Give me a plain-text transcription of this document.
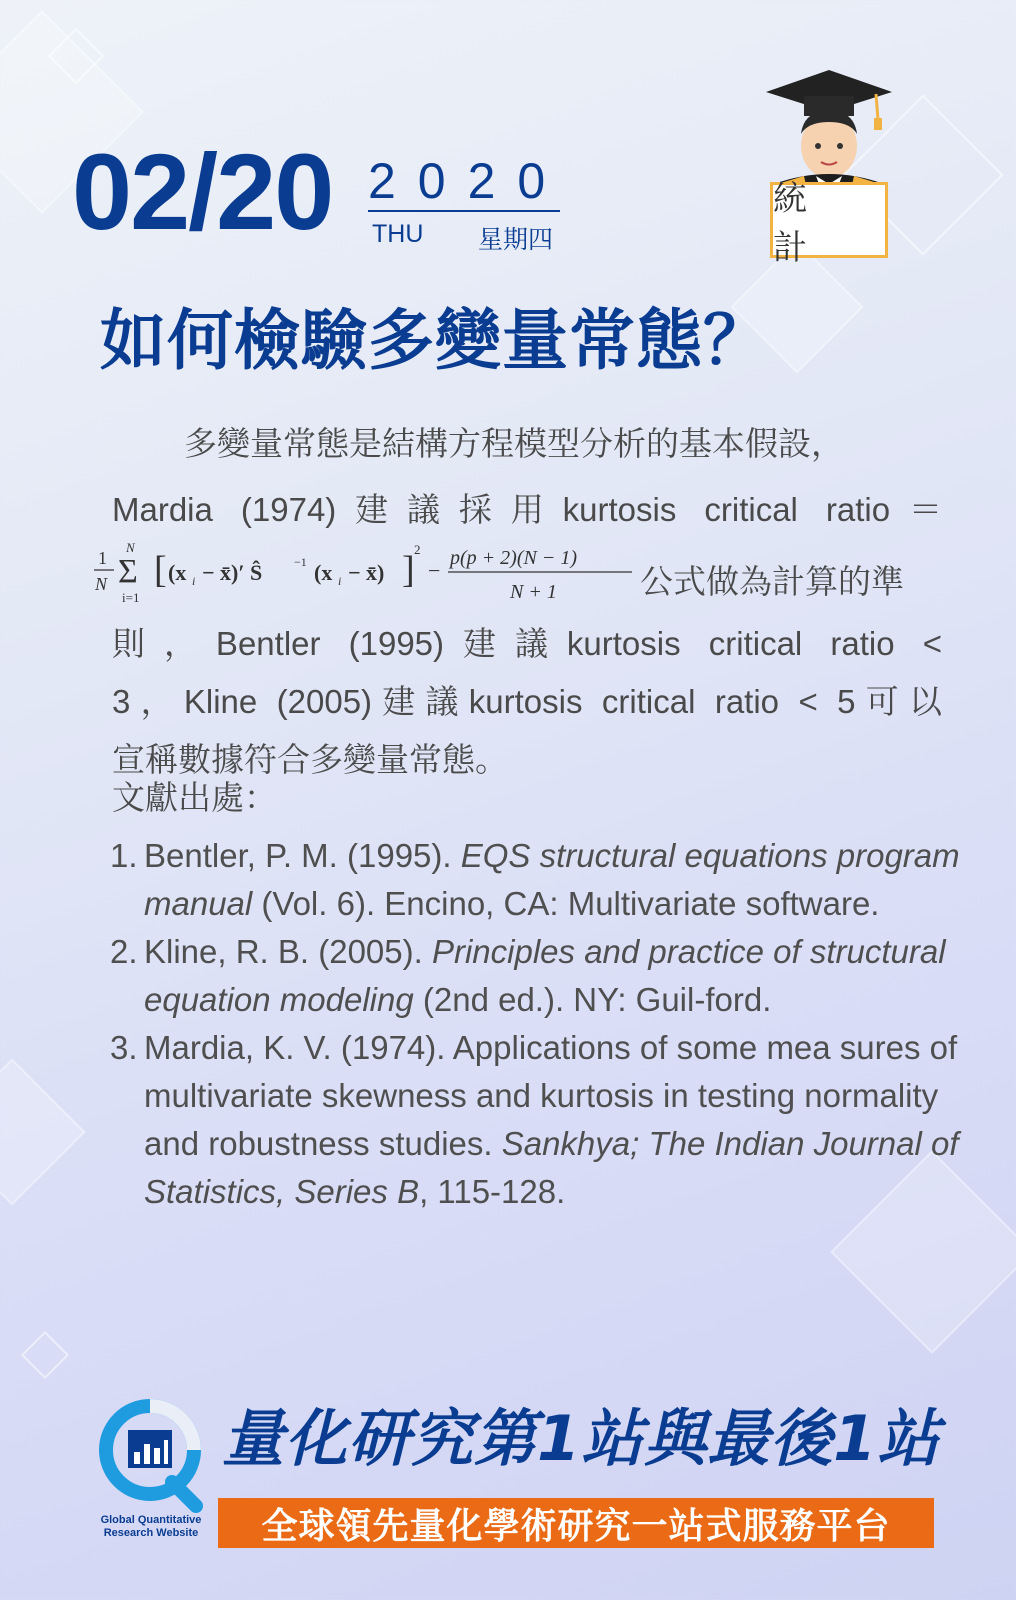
02/20 2020
THU 星期四
統　計
如何檢驗多變量常態？
多變量常態是結構方程模型分析的基本假設，
Mardia (1974)建議採用kurtosis critical ratio＝
1
N
N
Σ
i=1
[ (x i − x̄)′ Ŝ	−1 (x i − x̄) ] 2
− p(p + 2)(N − 1)
N + 1	公式做為計算的準
則，Bentler (1995)建議kurtosis critical ratio <
3，Kline (2005)建議kurtosis critical ratio < 5可以
宣稱數據符合多變量常態。
文獻出處：
1. Bentler, P. M. (1995). EQS structural equations program manual (Vol. 6). Encino, CA: Multivariate software.
2. Kline, R. B. (2005). Principles and practice of structural equation modeling (2nd ed.). NY: Guil-ford.
3. Mardia, K. V. (1974). Applications of some mea sures of multivariate skewness and kurtosis in testing normality and robustness studies. Sankhya; The Indian Journal of Statistics, Series B, 115-128.
Global Quantitative
Research Website
量化研究第1站與最後1站
全球領先量化學術研究一站式服務平台
